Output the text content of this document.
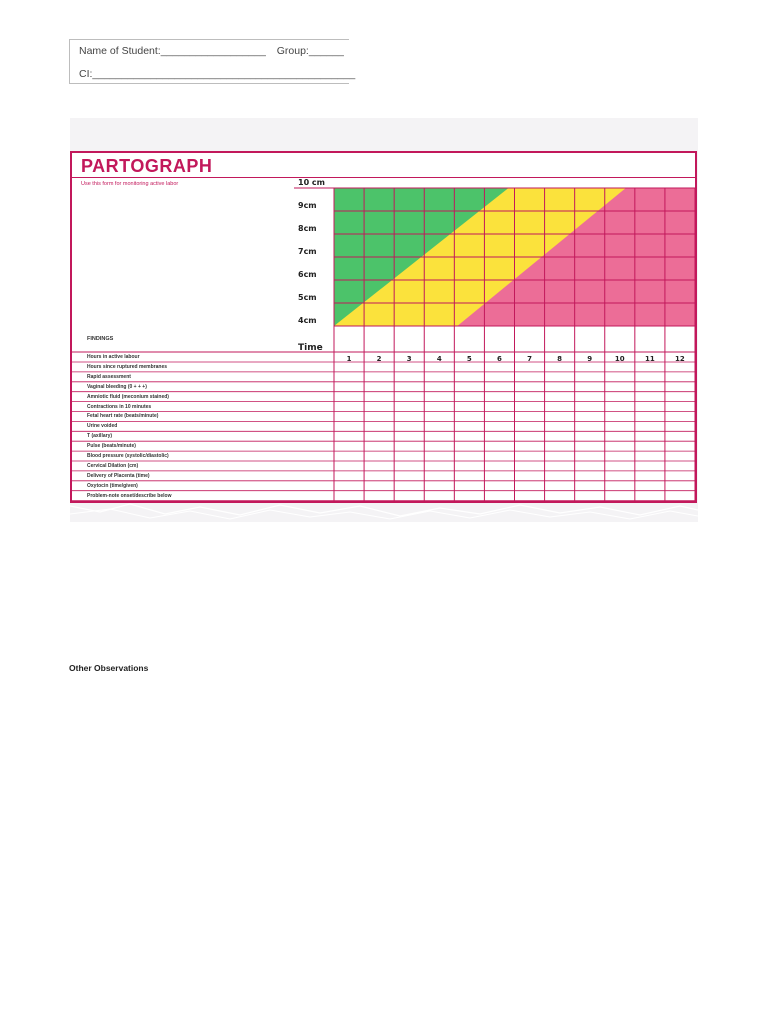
Name of Student:__________________ Group:______
CI:_____________________________________________
PARTOGRAPH
Use this form for monitoring active labor	10 cm
9cm
8cm
7cm
6cm
5cm
4cm
Time
FINDINGS
1	2	3	4	5	6	7	8	9	10	11	12
Hours in active labour
Hours since ruptured membranes
Rapid assessment
Vaginal bleeding (0 + + +)
Amniotic fluid (meconium stained)
Contractions in 10 minutes
Fetal heart rate (beats/minute)
Urine voided
T (axillary)
Pulse (beats/minute)
Blood pressure (systolic/diastolic)
Cervical Dilation (cm)
Delivery of Placenta (time)
Oxytocin (time/given)
Problem-note onset/describe below
Other Observations
